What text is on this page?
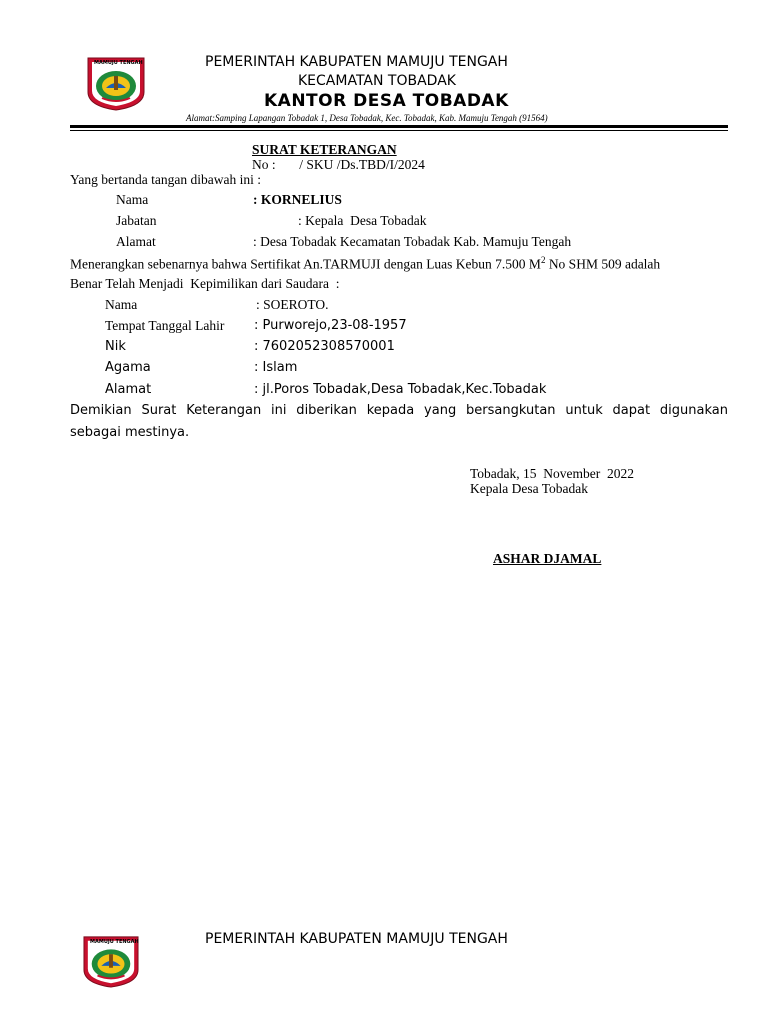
MAMUJU TENGAH	PEMERINTAH KABUPATEN MAMUJU TENGAH
KECAMATAN TOBADAK
KANTOR DESA TOBADAK
Alamat:Samping Lapangan Tobadak 1, Desa Tobadak, Kec. Tobadak, Kab. Mamuju Tengah (91564)
SURAT KETERANGAN
No :       / SKU /Ds.TBD/I/2024
Yang bertanda tangan dibawah ini :
Nama	: KORNELIUS
Jabatan	: Kepala  Desa Tobadak
Alamat	: Desa Tobadak Kecamatan Tobadak Kab. Mamuju Tengah
Menerangkan sebenarnya bahwa Sertifikat An.TARMUJI dengan Luas Kebun 7.500 $M^2$ No SHM 509 adalah
Benar Telah Menjadi  Kepimilikan dari Saudara  :
Nama	: SOEROTO.
Tempat Tanggal Lahir : Purworejo,23-08-1957
Nik	: 7602052308570001
Agama	: Islam
Alamat	: jl.Poros Tobadak,Desa Tobadak,Kec.Tobadak
Demikian Surat Keterangan ini diberikan kepada yang bersangkutan untuk dapat digunakan
sebagai mestinya.
Tobadak, 15  November  2022
Kepala Desa Tobadak
ASHAR DJAMAL
MAMUJU TENGAH	PEMERINTAH KABUPATEN MAMUJU TENGAH
